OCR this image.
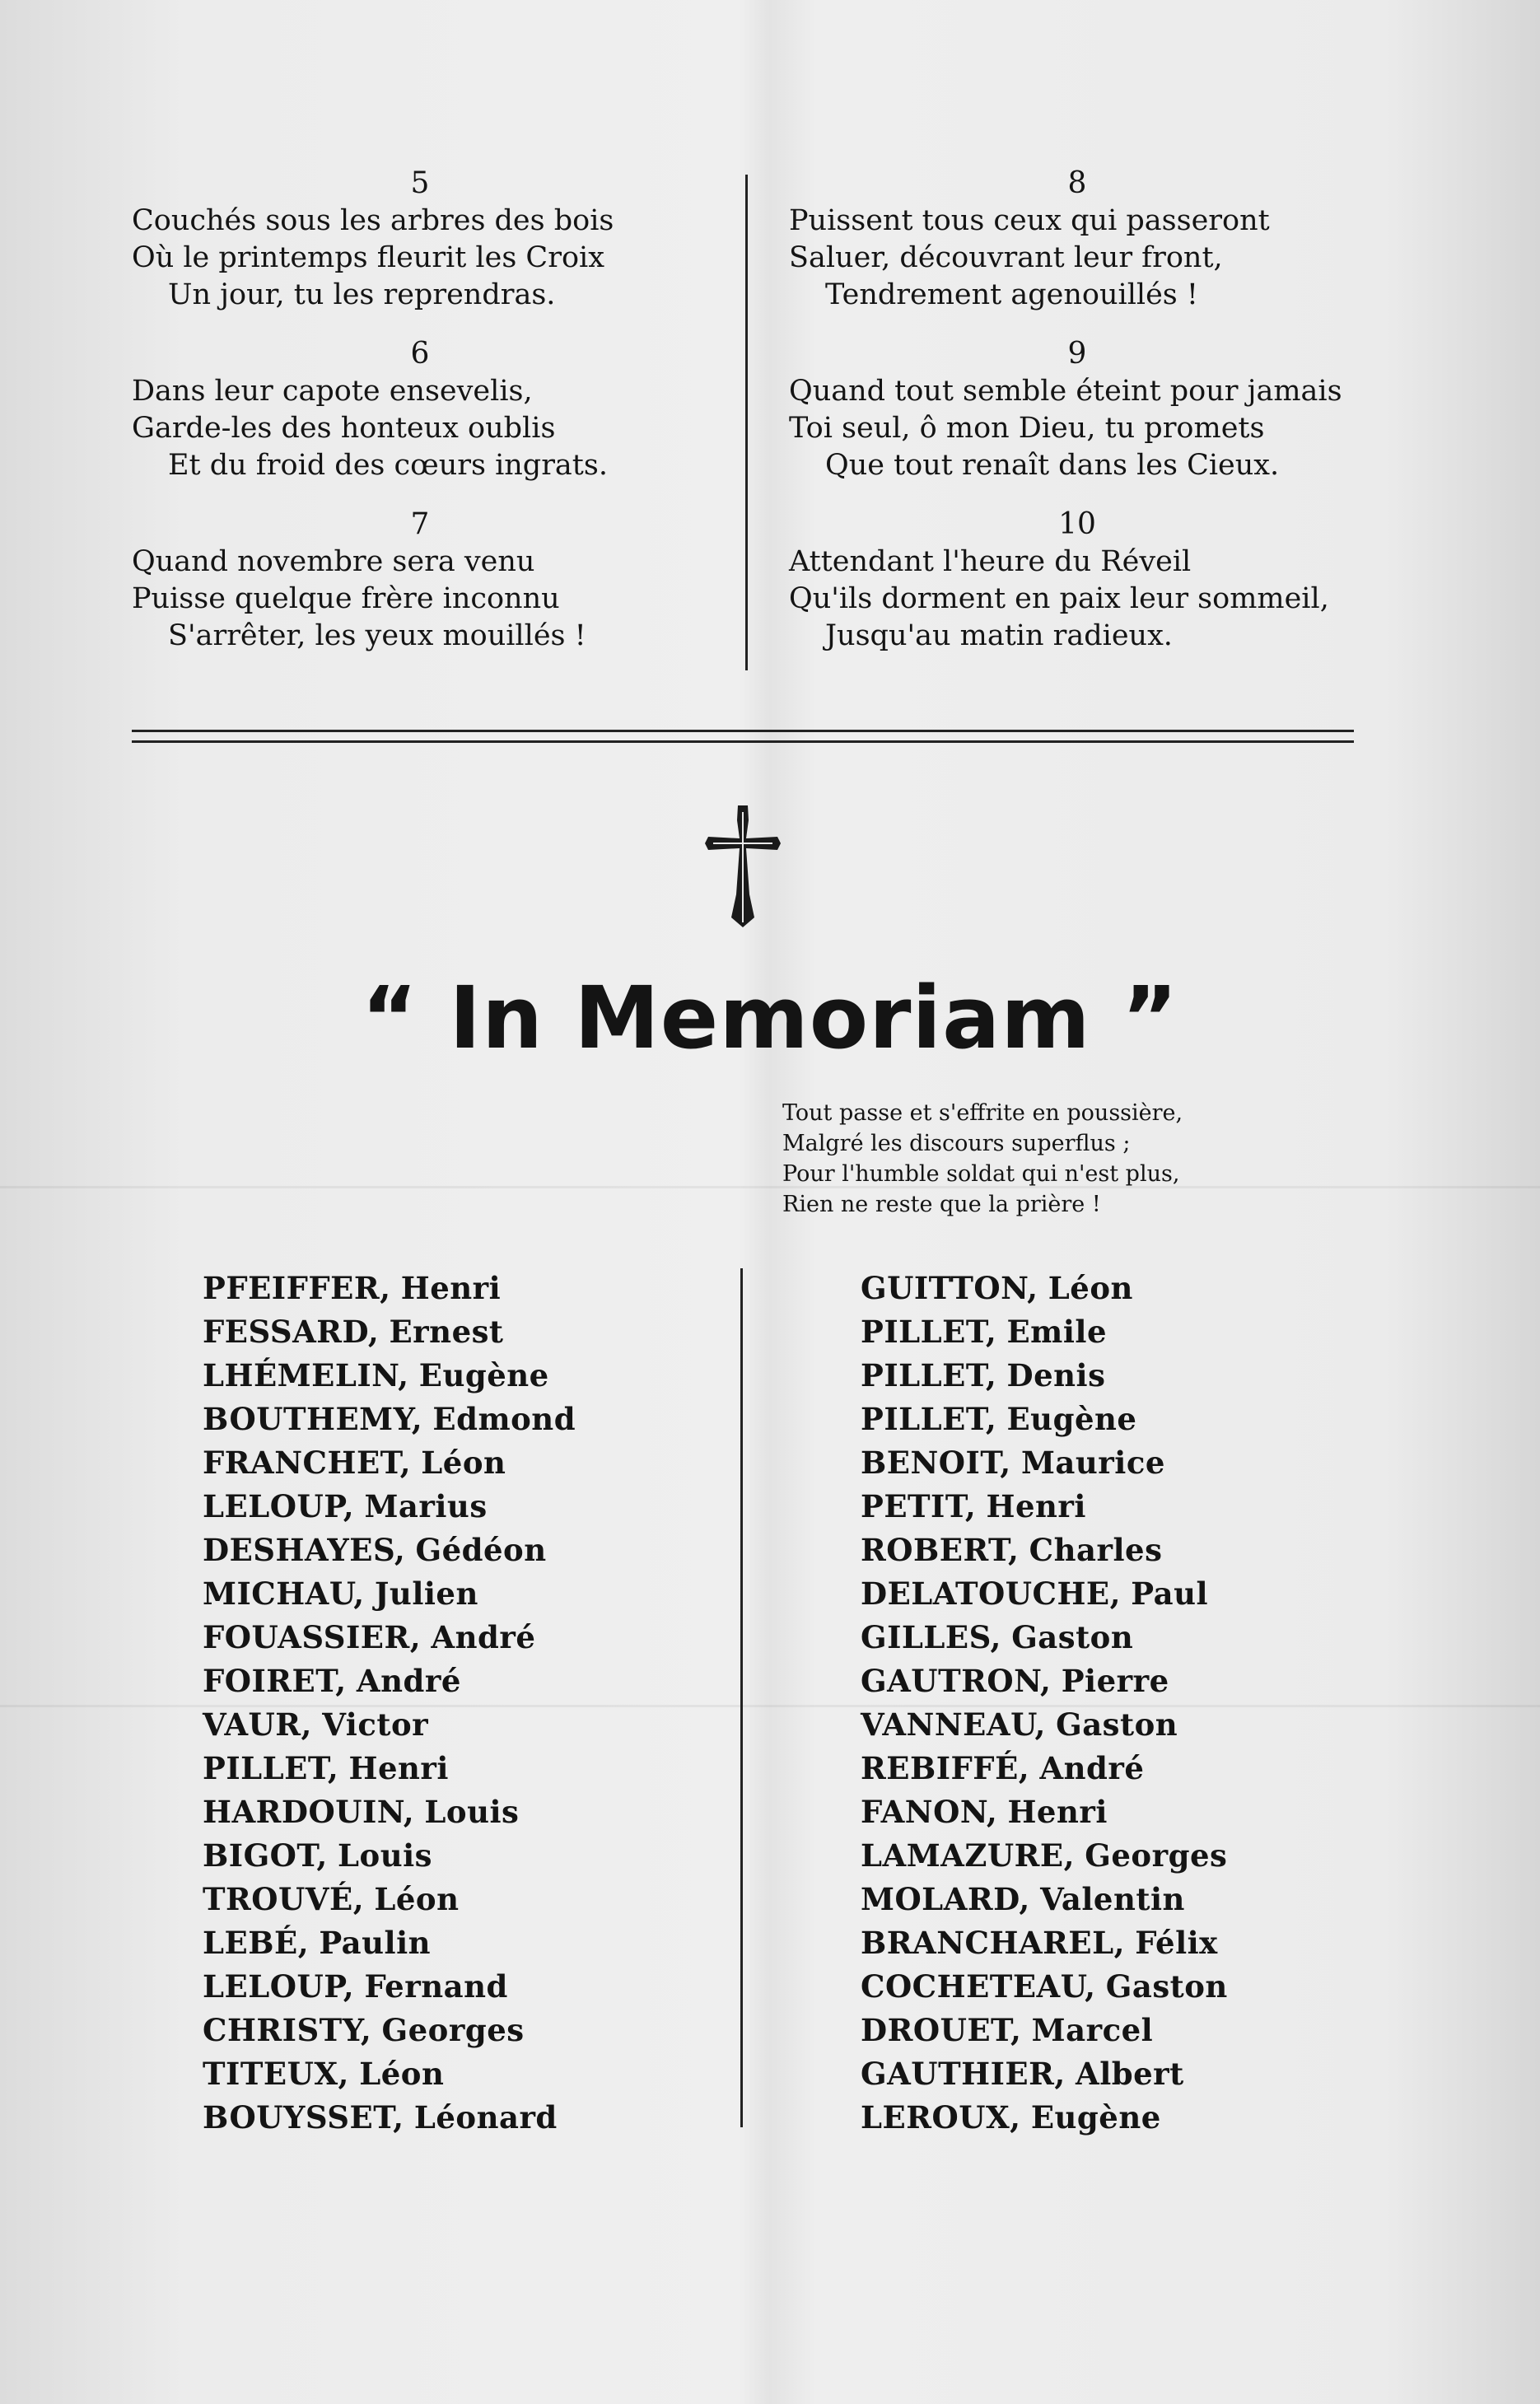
5
Couchés sous les arbres des bois
Où le printemps fleurit les Croix
Un jour, tu les reprendras.
6
Dans leur capote ensevelis,
Garde-les des honteux oublis
Et du froid des cœurs ingrats.
7
Quand novembre sera venu
Puisse quelque frère inconnu
S'arrêter, les yeux mouillés !
8
Puissent tous ceux qui passeront
Saluer, découvrant leur front,
Tendrement agenouillés !
9
Quand tout semble éteint pour jamais
Toi seul, ô mon Dieu, tu promets
Que tout renaît dans les Cieux.
10
Attendant l'heure du Réveil
Qu'ils dorment en paix leur sommeil,
Jusqu'au matin radieux.
“ In Memoriam ”
Tout passe et s'effrite en poussière,
Malgré les discours superflus ;
Pour l'humble soldat qui n'est plus,
Rien ne reste que la prière !
PFEIFFER, Henri
FESSARD, Ernest
LHÉMELIN, Eugène
BOUTHEMY, Edmond
FRANCHET, Léon
LELOUP, Marius
DESHAYES, Gédéon
MICHAU, Julien
FOUASSIER, André
FOIRET, André
VAUR, Victor
PILLET, Henri
HARDOUIN, Louis
BIGOT, Louis
TROUVÉ, Léon
LEBÉ, Paulin
LELOUP, Fernand
CHRISTY, Georges
TITEUX, Léon
BOUYSSET, Léonard
GUITTON, Léon
PILLET, Emile
PILLET, Denis
PILLET, Eugène
BENOIT, Maurice
PETIT, Henri
ROBERT, Charles
DELATOUCHE, Paul
GILLES, Gaston
GAUTRON, Pierre
VANNEAU, Gaston
REBIFFÉ, André
FANON, Henri
LAMAZURE, Georges
MOLARD, Valentin
BRANCHAREL, Félix
COCHETEAU, Gaston
DROUET, Marcel
GAUTHIER, Albert
LEROUX, Eugène
